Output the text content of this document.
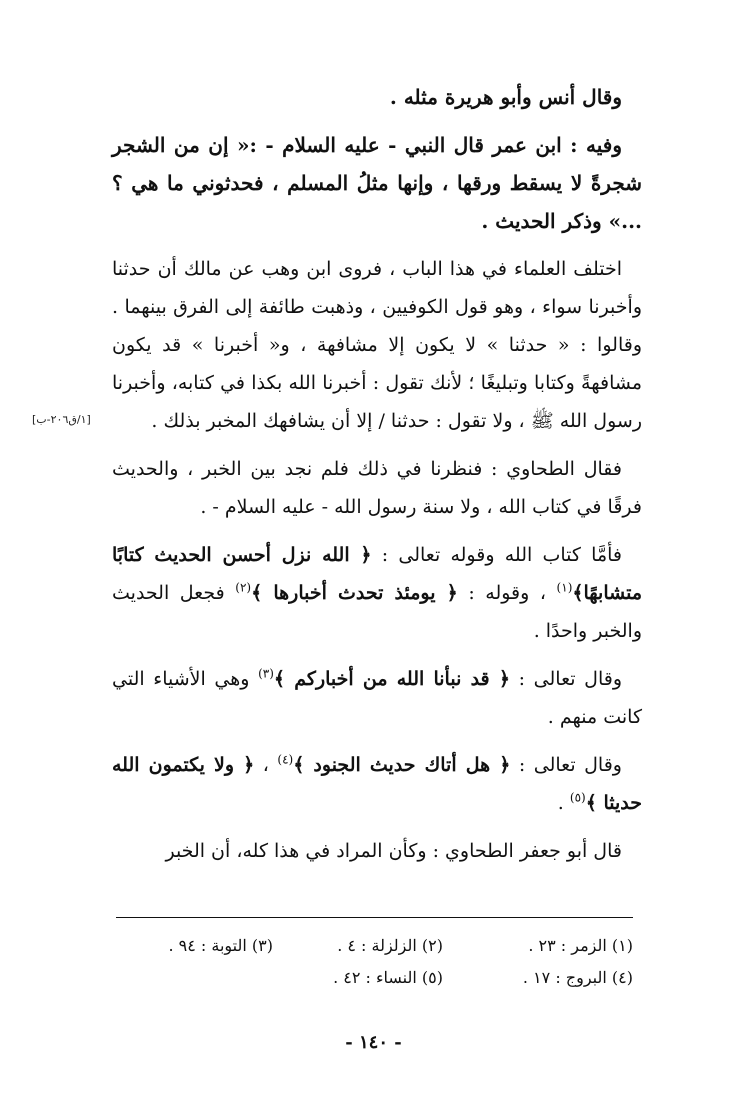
وقال أنس وأبو هريرة مثله .

وفيه : ابن عمر قال النبي - عليه السلام - :« إن من الشجر شجرةً لا يسقط ورقها ، وإنها مثلُ المسلم ، فحدثوني ما هي ؟ ...» وذكر الحديث .

اختلف العلماء في هذا الباب ، فروى ابن وهب عن مالك أن حدثنا وأخبرنا سواء ، وهو قول الكوفيين ، وذهبت طائفة إلى الفرق بينهما . وقالوا : « حدثنا » لا يكون إلا مشافهة ، و« أخبرنا » قد يكون مشافهةً وكتابا وتبليغًا ؛ لأنك تقول : أخبرنا الله بكذا في كتابه، وأخبرنا رسول الله ﷺ ، ولا تقول : حدثنا / إلا أن يشافهك المخبر بذلك .

فقال الطحاوي : فنظرنا في ذلك فلم نجد بين الخبر ، والحديث فرقًا في كتاب الله ، ولا سنة رسول الله - عليه السلام - .

فأمَّا كتاب الله وقوله تعالى : ﴿ الله نزل أحسن الحديث كتابًا متشابهًا﴾$^{(١)}$ ، وقوله : ﴿ يومئذ تحدث أخبارها ﴾$^{(٢)}$ فجعل الحديث والخبر واحدًا .

وقال تعالى : ﴿ قد نبأنا الله من أخباركم ﴾$^{(٣)}$ وهي الأشياء التي كانت منهم .

وقال تعالى : ﴿ هل أتاك حديث الجنود ﴾$^{(٤)}$ ، ﴿ ولا يكتمون الله حديثا ﴾$^{(٥)}$ .

قال أبو جعفر الطحاوي : وكأن المراد في هذا كله، أن الخبر

[١/ق٢٠٦-ب]
(١) الزمر : ٢٣ .
(٢) الزلزلة : ٤ .
(٣) التوبة : ٩٤ .
(٤) البروج : ١٧ .
(٥) النساء : ٤٢ .
- ١٤٠ -
